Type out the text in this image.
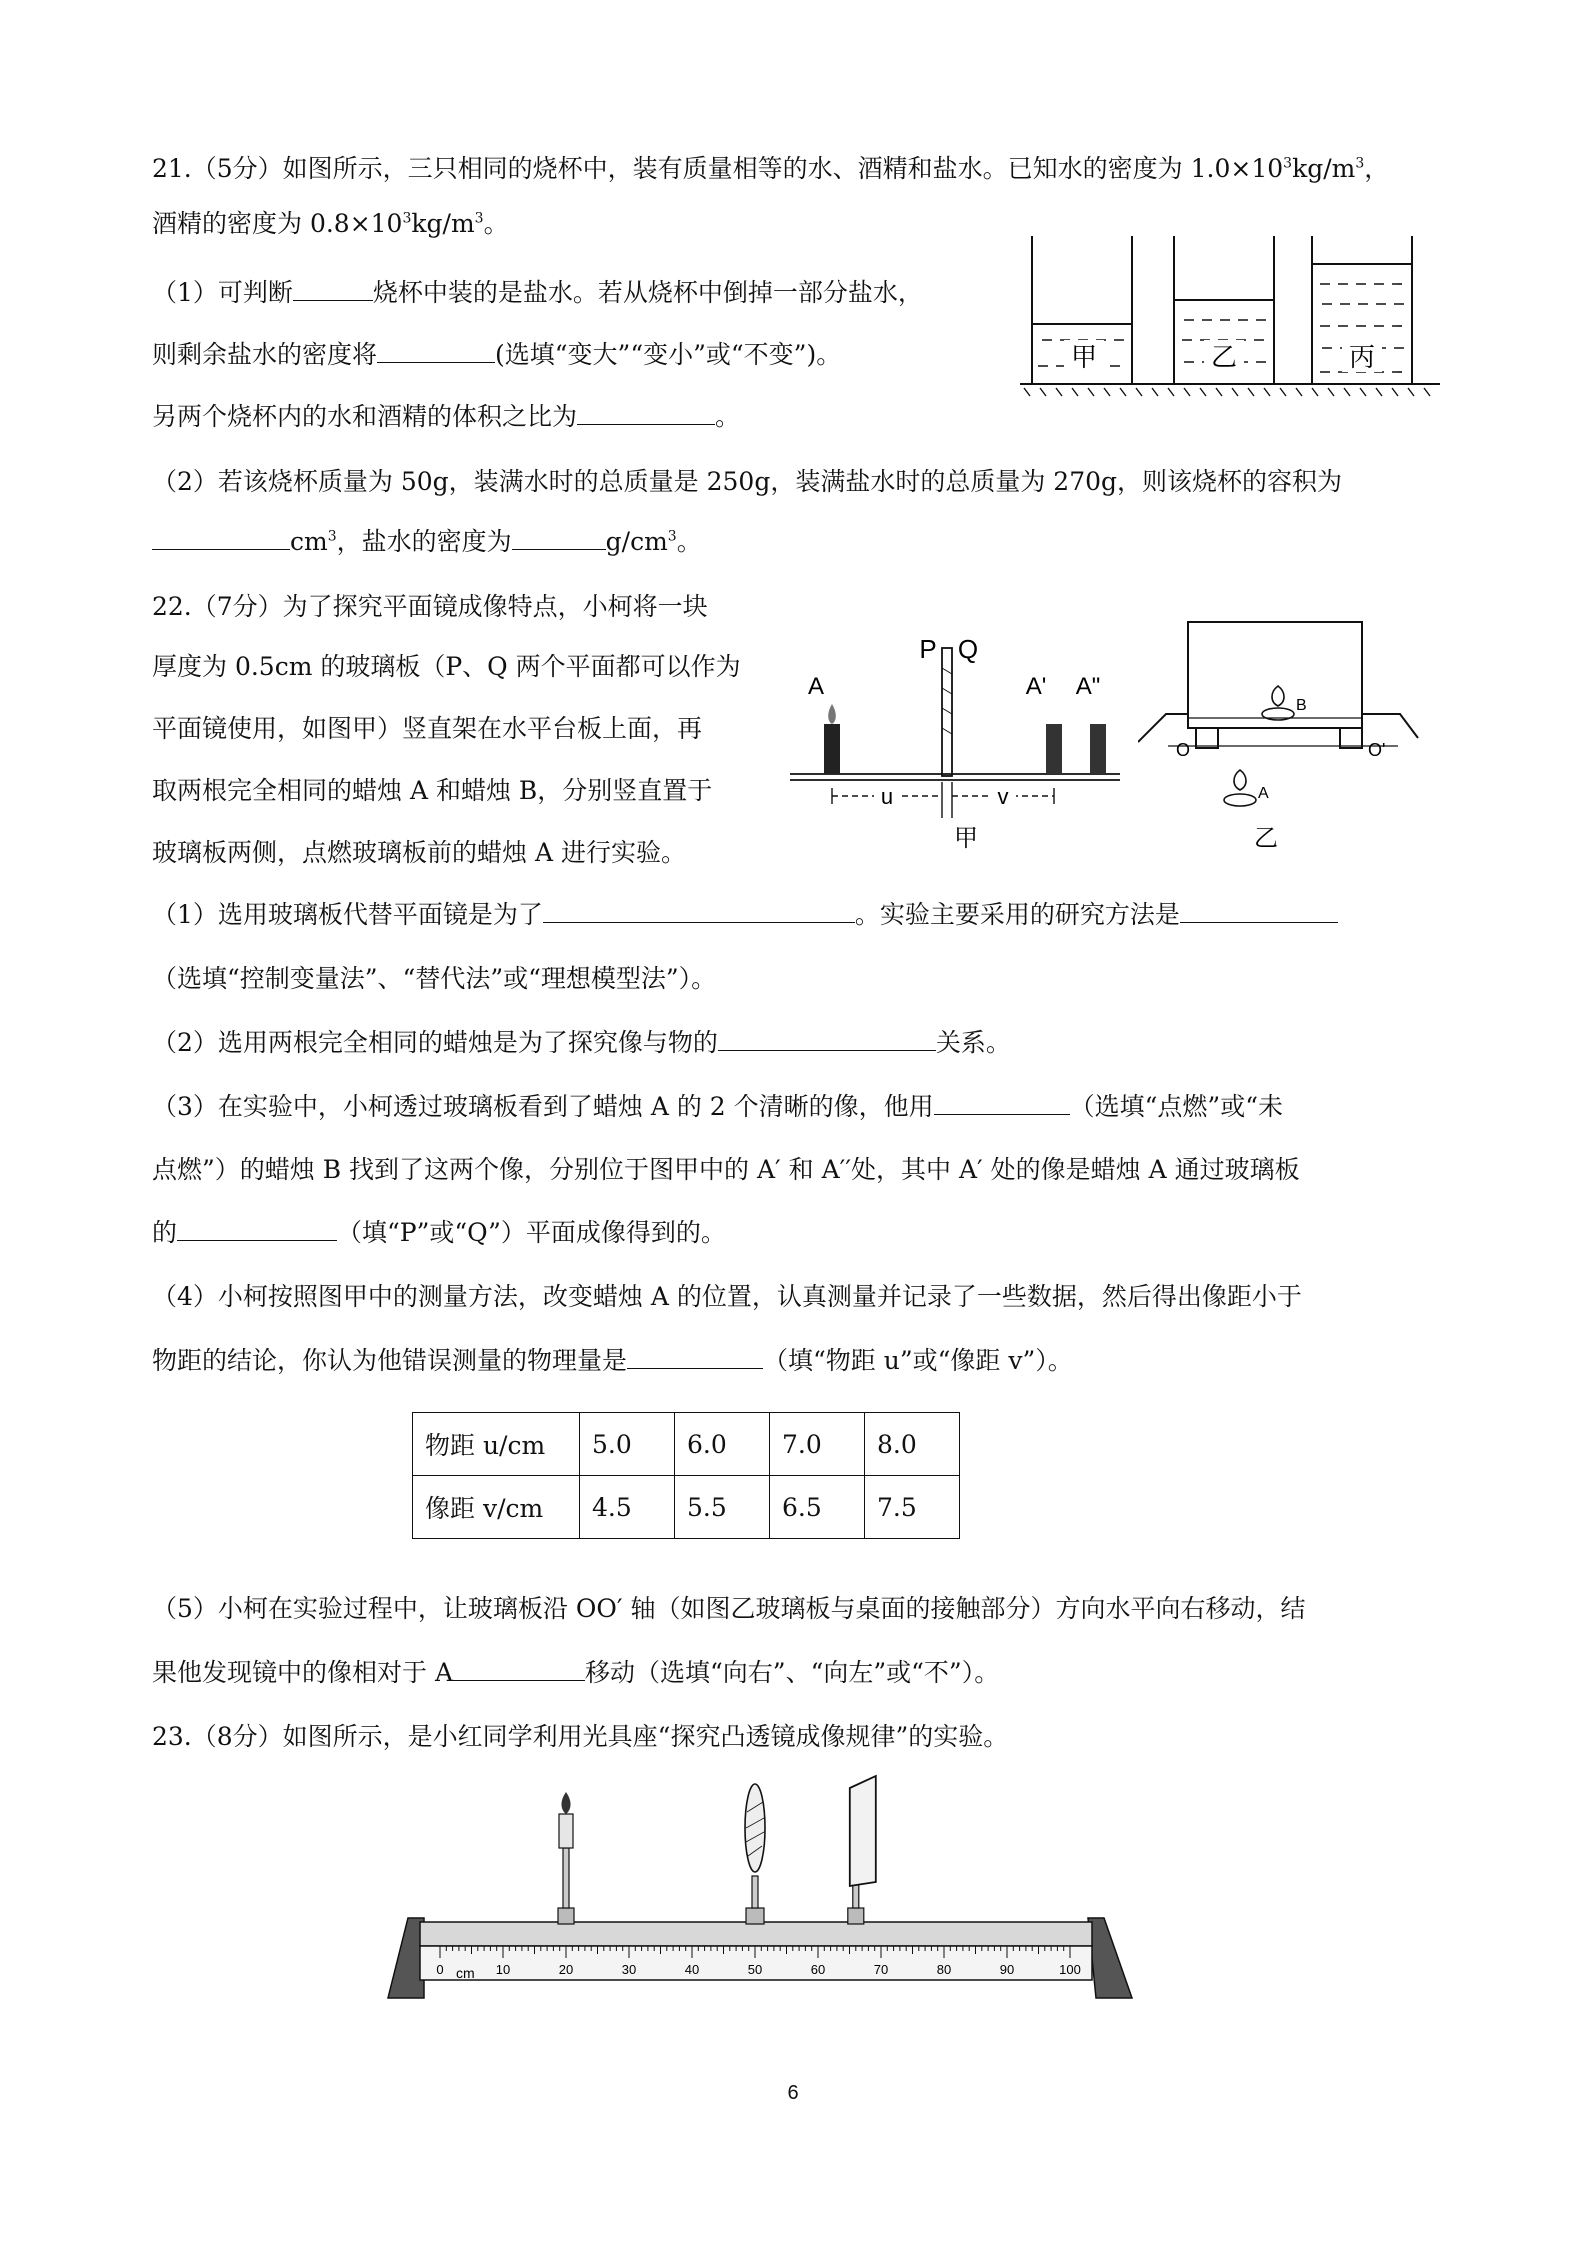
21.（5分）如图所示，三只相同的烧杯中，装有质量相等的水、酒精和盐水。已知水的密度为 $1.0\times 10^3kg/m^3$，
酒精的密度为 $0.8\times 10^3kg/m^3$。
（1）可判断	烧杯中装的是盐水。若从烧杯中倒掉一部分盐水，
则剩余盐水的密度将	(选填“变大”“变小”或“不变”)。
另两个烧杯内的水和酒精的体积之比为	。
（2）若该烧杯质量为 50g，装满水时的总质量是 250g，装满盐水时的总质量为 270g，则该烧杯的容积为
$cm^3$，盐水的密度为	$g/cm^3$。
甲	乙	丙
22.（7分）为了探究平面镜成像特点，小柯将一块
厚度为 0.5cm 的玻璃板（P、Q 两个平面都可以作为
平面镜使用，如图甲）竖直架在水平台板上面，再
取两根完全相同的蜡烛 A 和蜡烛 B，分别竖直置于
玻璃板两侧，点燃玻璃板前的蜡烛 A 进行实验。
u	v
P Q
A	A' A"
甲
B
A
O	O'
乙
（1）选用玻璃板代替平面镜是为了	。实验主要采用的研究方法是
（选填“控制变量法”、“替代法”或“理想模型法”）。
（2）选用两根完全相同的蜡烛是为了探究像与物的	关系。
（3）在实验中，小柯透过玻璃板看到了蜡烛 A 的 2 个清晰的像，他用	（选填“点燃”或“未
点燃”）的蜡烛 B 找到了这两个像，分别位于图甲中的 A′ 和 A′′处，其中 A′ 处的像是蜡烛 A 通过玻璃板
的	（填“P”或“Q”）平面成像得到的。
（4）小柯按照图甲中的测量方法，改变蜡烛 A 的位置，认真测量并记录了一些数据，然后得出像距小于
物距的结论，你认为他错误测量的物理量是	（填“物距 u”或“像距 v”）。
物距 u/cm	5.0	6.0	7.0	8.0
像距 v/cm	4.5	5.5	6.5	7.5
（5）小柯在实验过程中，让玻璃板沿 OO′ 轴（如图乙玻璃板与桌面的接触部分）方向水平向右移动，结
果他发现镜中的像相对于 A	移动（选填“向右”、“向左”或“不”）。
23.（8分）如图所示，是小红同学利用光具座“探究凸透镜成像规律”的实验。
0	10	20	30	40	50	60	70	80	90	100
cm
6
